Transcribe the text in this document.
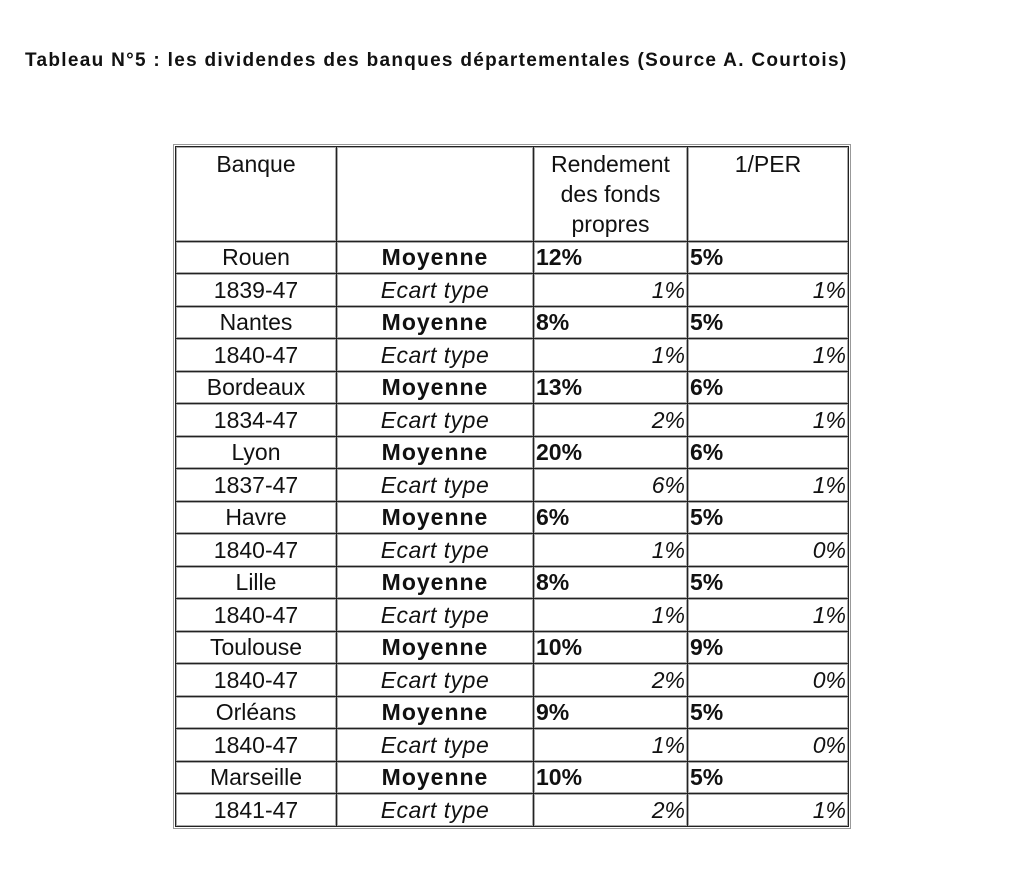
Tableau N°5 : les dividendes des banques départementales (Source A. Courtois)
Banque		Rendement
des fonds
propres	1/PER
Rouen	Moyenne	12%	5%
1839-47	Ecart type	1%	1%
Nantes	Moyenne	8%	5%
1840-47	Ecart type	1%	1%
Bordeaux	Moyenne	13%	6%
1834-47	Ecart type	2%	1%
Lyon	Moyenne	20%	6%
1837-47	Ecart type	6%	1%
Havre	Moyenne	6%	5%
1840-47	Ecart type	1%	0%
Lille	Moyenne	8%	5%
1840-47	Ecart type	1%	1%
Toulouse	Moyenne	10%	9%
1840-47	Ecart type	2%	0%
Orléans	Moyenne	9%	5%
1840-47	Ecart type	1%	0%
Marseille	Moyenne	10%	5%
1841-47	Ecart type	2%	1%
